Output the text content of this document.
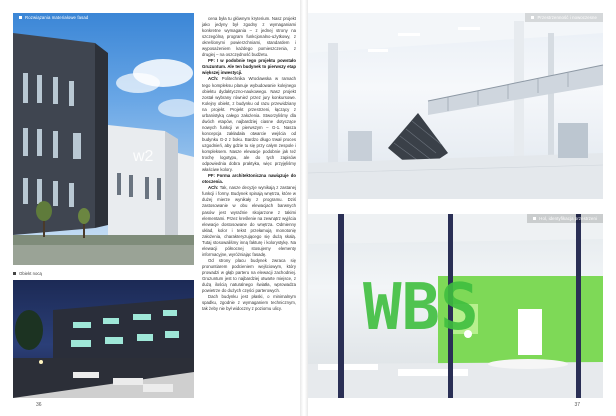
w2
Rozwiązania materiałowe fasad
Obiekt nocą
Obiekt nocą

cena była tu głównym kryterium. Nasz projekt jako jedyny był zgodny z wymaganiami konkretne wymagania – z jednej strony na szczególną program funkcjonalno-użytkowy, z określonymi powierzchniami, standardem i wyposażeniem każdego pomieszczenia, z drugiej – na oszczędność budżetu.

PF: I w podobnie tego projektu powstało Gruzuntum. Ale ten budynek to pierwszy etap większej inwestycji.

ACh: Politechnika Wrocławska w ramach tego kompleksu planuje wybudowanie kolejnego obiektu dydaktyczno-naukowego. Nasz projekt został wybrany również przez jury konkursowe. Kolejny obiekt, z budynku od razu przewidziany na projekt. Projekt przestrzeni, łączący z urbanistyką całego założenia. Stworzyliśmy dla dwóch etapów, najbardziej ciasne dotyczące nowych funkcji w pierwszym – G-1. Nasza koncepcja zakładała otwarcie wejścia od budynku G-2 z boku. Bardzo długo trwał proces uzgodnień, aby gdzie tu się przy całym zespole i kompleksem. Nasze elewacje podobnie jak też trochę logotypu, ale do tych zapisów odpowiednia dobra praktyka, więc przyjęliśmy właściwe kolory.

PF: Forma architektoniczna nawiązuje do otoczenia.

ACh: Tak, nasze decyzje wynikają z zastanej funkcji i formy. Budynek spinają wnętrza, które w dużej mierze wynikały z programu. Dziś zastosowanie w obu elewacjach barwnych pasów jest wyraźnie skojarzone z takimi elementami. Przez kreślenie na zewnątrz wyjścia elewacje dostosowane do wnętrza. Odmienny układ, kolor i tekst przełamują monotonię założenia, charakteryzującego się dużą skalą. Tutaj stosowaliśmy inną fakturę i kolorystykę. Na elewacji północnej stosujemy elementy informacyjne, wyróżniając fasadę.

Od strony placu budynek zwraca się pronuntiarem podcieniem wejściowym, który prowadzi w głąb parteru na elewacji zachodniej. Gruzuntum jest to najbardziej otwarte miejsce, z dużą ilością naturalnego światła, wprowadza powietrze do dużych części parterowych.

Dach budynku jest płaski, o minimalnym spadku, zgodnie z wymaganiem technicznym, tak żeby nie był widoczny z poziomu ulicy.

Przestrzenność i nowoczesne
WBS
Hol, identyfikacja przestrzeni
36	37
